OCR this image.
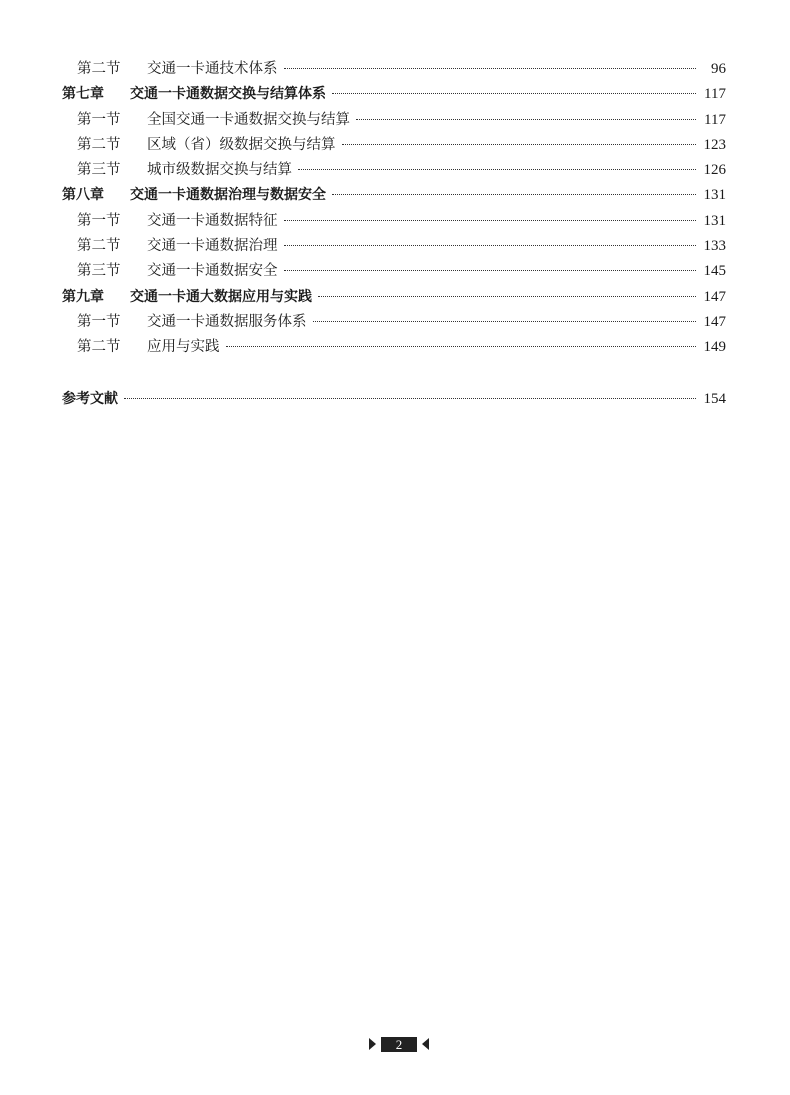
第二节 交通一卡通技术体系	96
第七章 交通一卡通数据交换与结算体系	117
第一节 全国交通一卡通数据交换与结算	117
第二节 区域（省）级数据交换与结算	123
第三节 城市级数据交换与结算	126
第八章 交通一卡通数据治理与数据安全	131
第一节 交通一卡通数据特征	131
第二节 交通一卡通数据治理	133
第三节 交通一卡通数据安全	145
第九章 交通一卡通大数据应用与实践	147
第一节 交通一卡通数据服务体系	147
第二节 应用与实践	149
参考文献	154
2
